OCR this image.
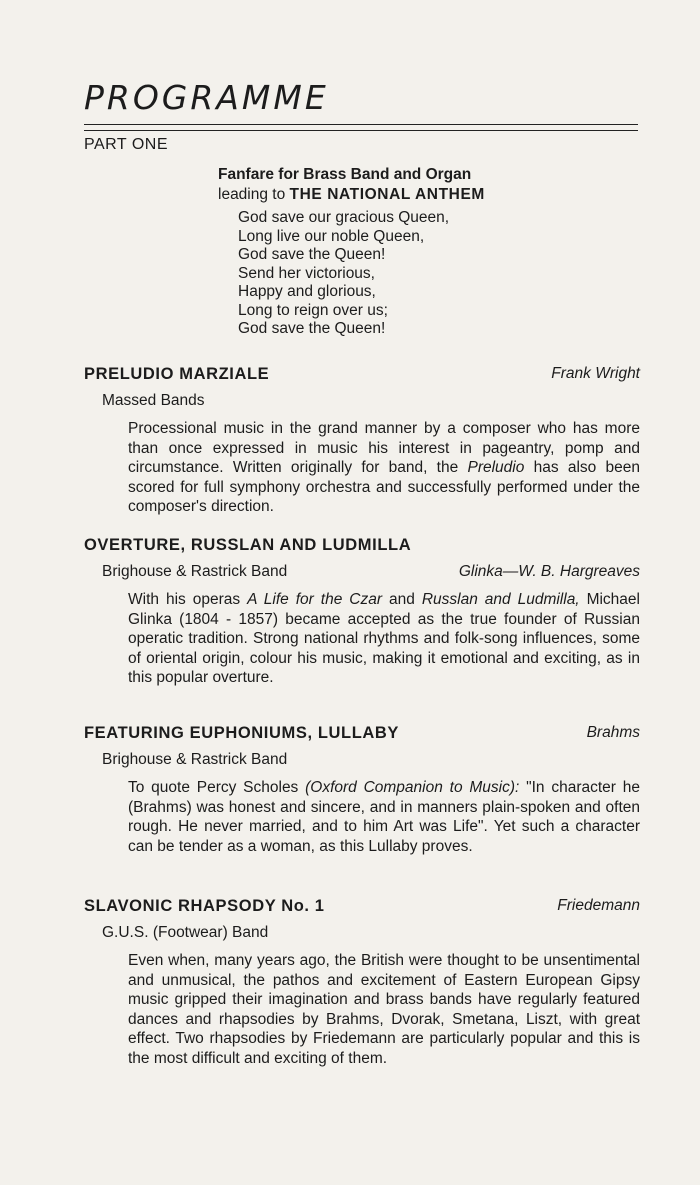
PROGRAMME
PART ONE
Fanfare for Brass Band and Organ
leading to THE NATIONAL ANTHEM
God save our gracious Queen,
Long live our noble Queen,
God save the Queen!
Send her victorious,
Happy and glorious,
Long to reign over us;
God save the Queen!
PRELUDIO MARZIALE	Frank Wright
Massed Bands
Processional music in the grand manner by a composer who has more than once expressed in music his interest in pageantry, pomp and circumstance. Written originally for band, the Preludio has also been scored for full symphony orchestra and successfully performed under the composer's direction.
OVERTURE, RUSSLAN AND LUDMILLA
Brighouse & Rastrick Band	Glinka—W. B. Hargreaves
With his operas A Life for the Czar and Russlan and Ludmilla, Michael Glinka (1804 - 1857) became accepted as the true founder of Russian operatic tradition. Strong national rhythms and folk-song influences, some of oriental origin, colour his music, making it emotional and exciting, as in this popular overture.
FEATURING EUPHONIUMS, LULLABY	Brahms
Brighouse & Rastrick Band
To quote Percy Scholes (Oxford Companion to Music): "In character he (Brahms) was honest and sincere, and in manners plain-spoken and often rough. He never married, and to him Art was Life". Yet such a character can be tender as a woman, as this Lullaby proves.
SLAVONIC RHAPSODY No. 1	Friedemann
G.U.S. (Footwear) Band
Even when, many years ago, the British were thought to be unsentimental and unmusical, the pathos and excitement of Eastern European Gipsy music gripped their imagination and brass bands have regularly featured dances and rhapsodies by Brahms, Dvorak, Smetana, Liszt, with great effect. Two rhapsodies by Friedemann are particularly popular and this is the most difficult and exciting of them.
